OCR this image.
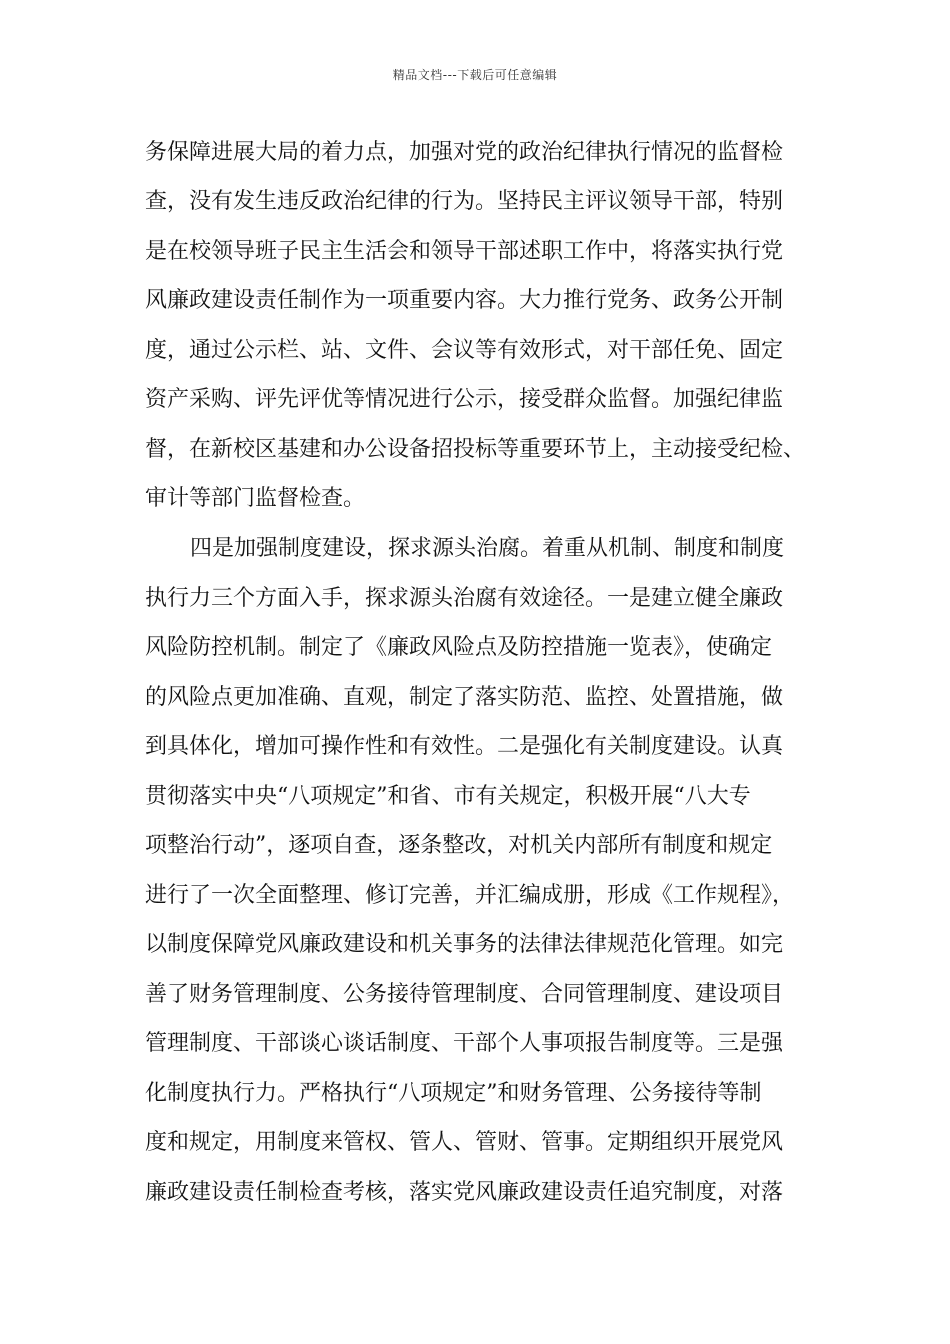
精品文档---下载后可任意编辑
务保障进展大局的着力点，加强对党的政治纪律执行情况的监督检
查，没有发生违反政治纪律的行为。坚持民主评议领导干部，特别
是在校领导班子民主生活会和领导干部述职工作中，将落实执行党
风廉政建设责任制作为一项重要内容。大力推行党务、政务公开制
度，通过公示栏、站、文件、会议等有效形式，对干部任免、固定
资产采购、评先评优等情况进行公示，接受群众监督。加强纪律监
督，在新校区基建和办公设备招投标等重要环节上，主动接受纪检、
审计等部门监督检查。
四是加强制度建设，探求源头治腐。着重从机制、制度和制度
执行力三个方面入手，探求源头治腐有效途径。一是建立健全廉政
风险防控机制。制定了《廉政风险点及防控措施一览表》，使确定
的风险点更加准确、直观，制定了落实防范、监控、处置措施，做
到具体化，增加可操作性和有效性。二是强化有关制度建设。认真
贯彻落实中央“八项规定”和省、市有关规定，积极开展“八大专
项整治行动”，逐项自查，逐条整改，对机关内部所有制度和规定
进行了一次全面整理、修订完善，并汇编成册，形成《工作规程》，
以制度保障党风廉政建设和机关事务的法律法律规范化管理。如完
善了财务管理制度、公务接待管理制度、合同管理制度、建设项目
管理制度、干部谈心谈话制度、干部个人事项报告制度等。三是强
化制度执行力。严格执行“八项规定”和财务管理、公务接待等制
度和规定，用制度来管权、管人、管财、管事。定期组织开展党风
廉政建设责任制检查考核，落实党风廉政建设责任追究制度，对落
